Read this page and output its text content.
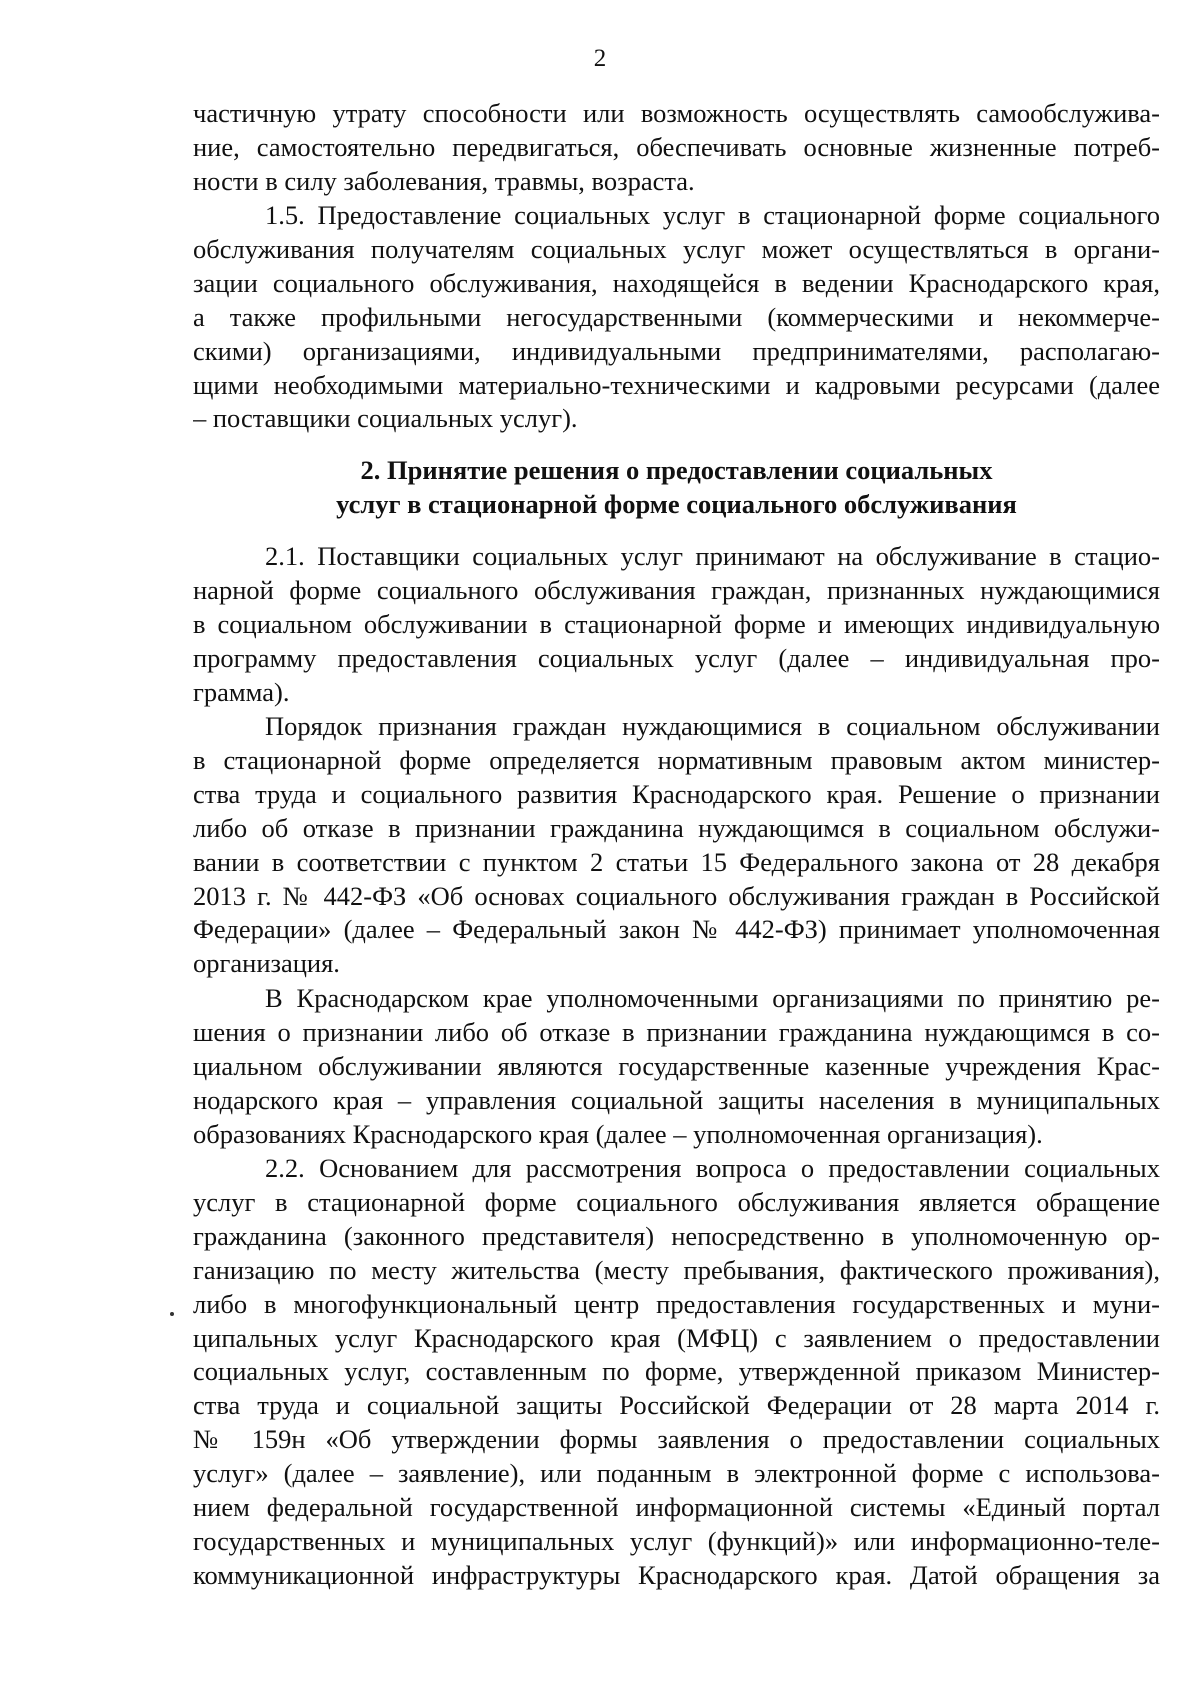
2
частичную утрату способности или возможность осуществлять самообслужива-
ние, самостоятельно передвигаться, обеспечивать основные жизненные потреб-
ности в силу заболевания, травмы, возраста.
1.5. Предоставление социальных услуг в стационарной форме социального
обслуживания получателям социальных услуг может осуществляться в органи-
зации социального обслуживания, находящейся в ведении Краснодарского края,
а также профильными негосударственными (коммерческими и некоммерче-
скими) организациями, индивидуальными предпринимателями, располагаю-
щими необходимыми материально-техническими и кадровыми ресурсами (далее
– поставщики социальных услуг).
2. Принятие решения о предоставлении социальных
услуг в стационарной форме социального обслуживания
2.1. Поставщики социальных услуг принимают на обслуживание в стацио-
нарной форме социального обслуживания граждан, признанных нуждающимися
в социальном обслуживании в стационарной форме и имеющих индивидуальную
программу предоставления социальных услуг (далее – индивидуальная про-
грамма).
Порядок признания граждан нуждающимися в социальном обслуживании
в стационарной форме определяется нормативным правовым актом министер-
ства труда и социального развития Краснодарского края. Решение о признании
либо об отказе в признании гражданина нуждающимся в социальном обслужи-
вании в соответствии с пунктом 2 статьи 15 Федерального закона от 28 декабря
2013 г. № 442-ФЗ «Об основах социального обслуживания граждан в Российской
Федерации» (далее – Федеральный закон № 442-ФЗ) принимает уполномоченная
организация.
В Краснодарском крае уполномоченными организациями по принятию ре-
шения о признании либо об отказе в признании гражданина нуждающимся в со-
циальном обслуживании являются государственные казенные учреждения Крас-
нодарского края – управления социальной защиты населения в муниципальных
образованиях Краснодарского края (далее – уполномоченная организация).
2.2. Основанием для рассмотрения вопроса о предоставлении социальных
услуг в стационарной форме социального обслуживания является обращение
гражданина (законного представителя) непосредственно в уполномоченную ор-
ганизацию по месту жительства (месту пребывания, фактического проживания),
либо в многофункциональный центр предоставления государственных и муни-
ципальных услуг Краснодарского края (МФЦ) с заявлением о предоставлении
социальных услуг, составленным по форме, утвержденной приказом Министер-
ства труда и социальной защиты Российской Федерации от 28 марта 2014 г.
№ 159н «Об утверждении формы заявления о предоставлении социальных
услуг» (далее – заявление), или поданным в электронной форме с использова-
нием федеральной государственной информационной системы «Единый портал
государственных и муниципальных услуг (функций)» или информационно-теле-
коммуникационной инфраструктуры Краснодарского края. Датой обращения за
